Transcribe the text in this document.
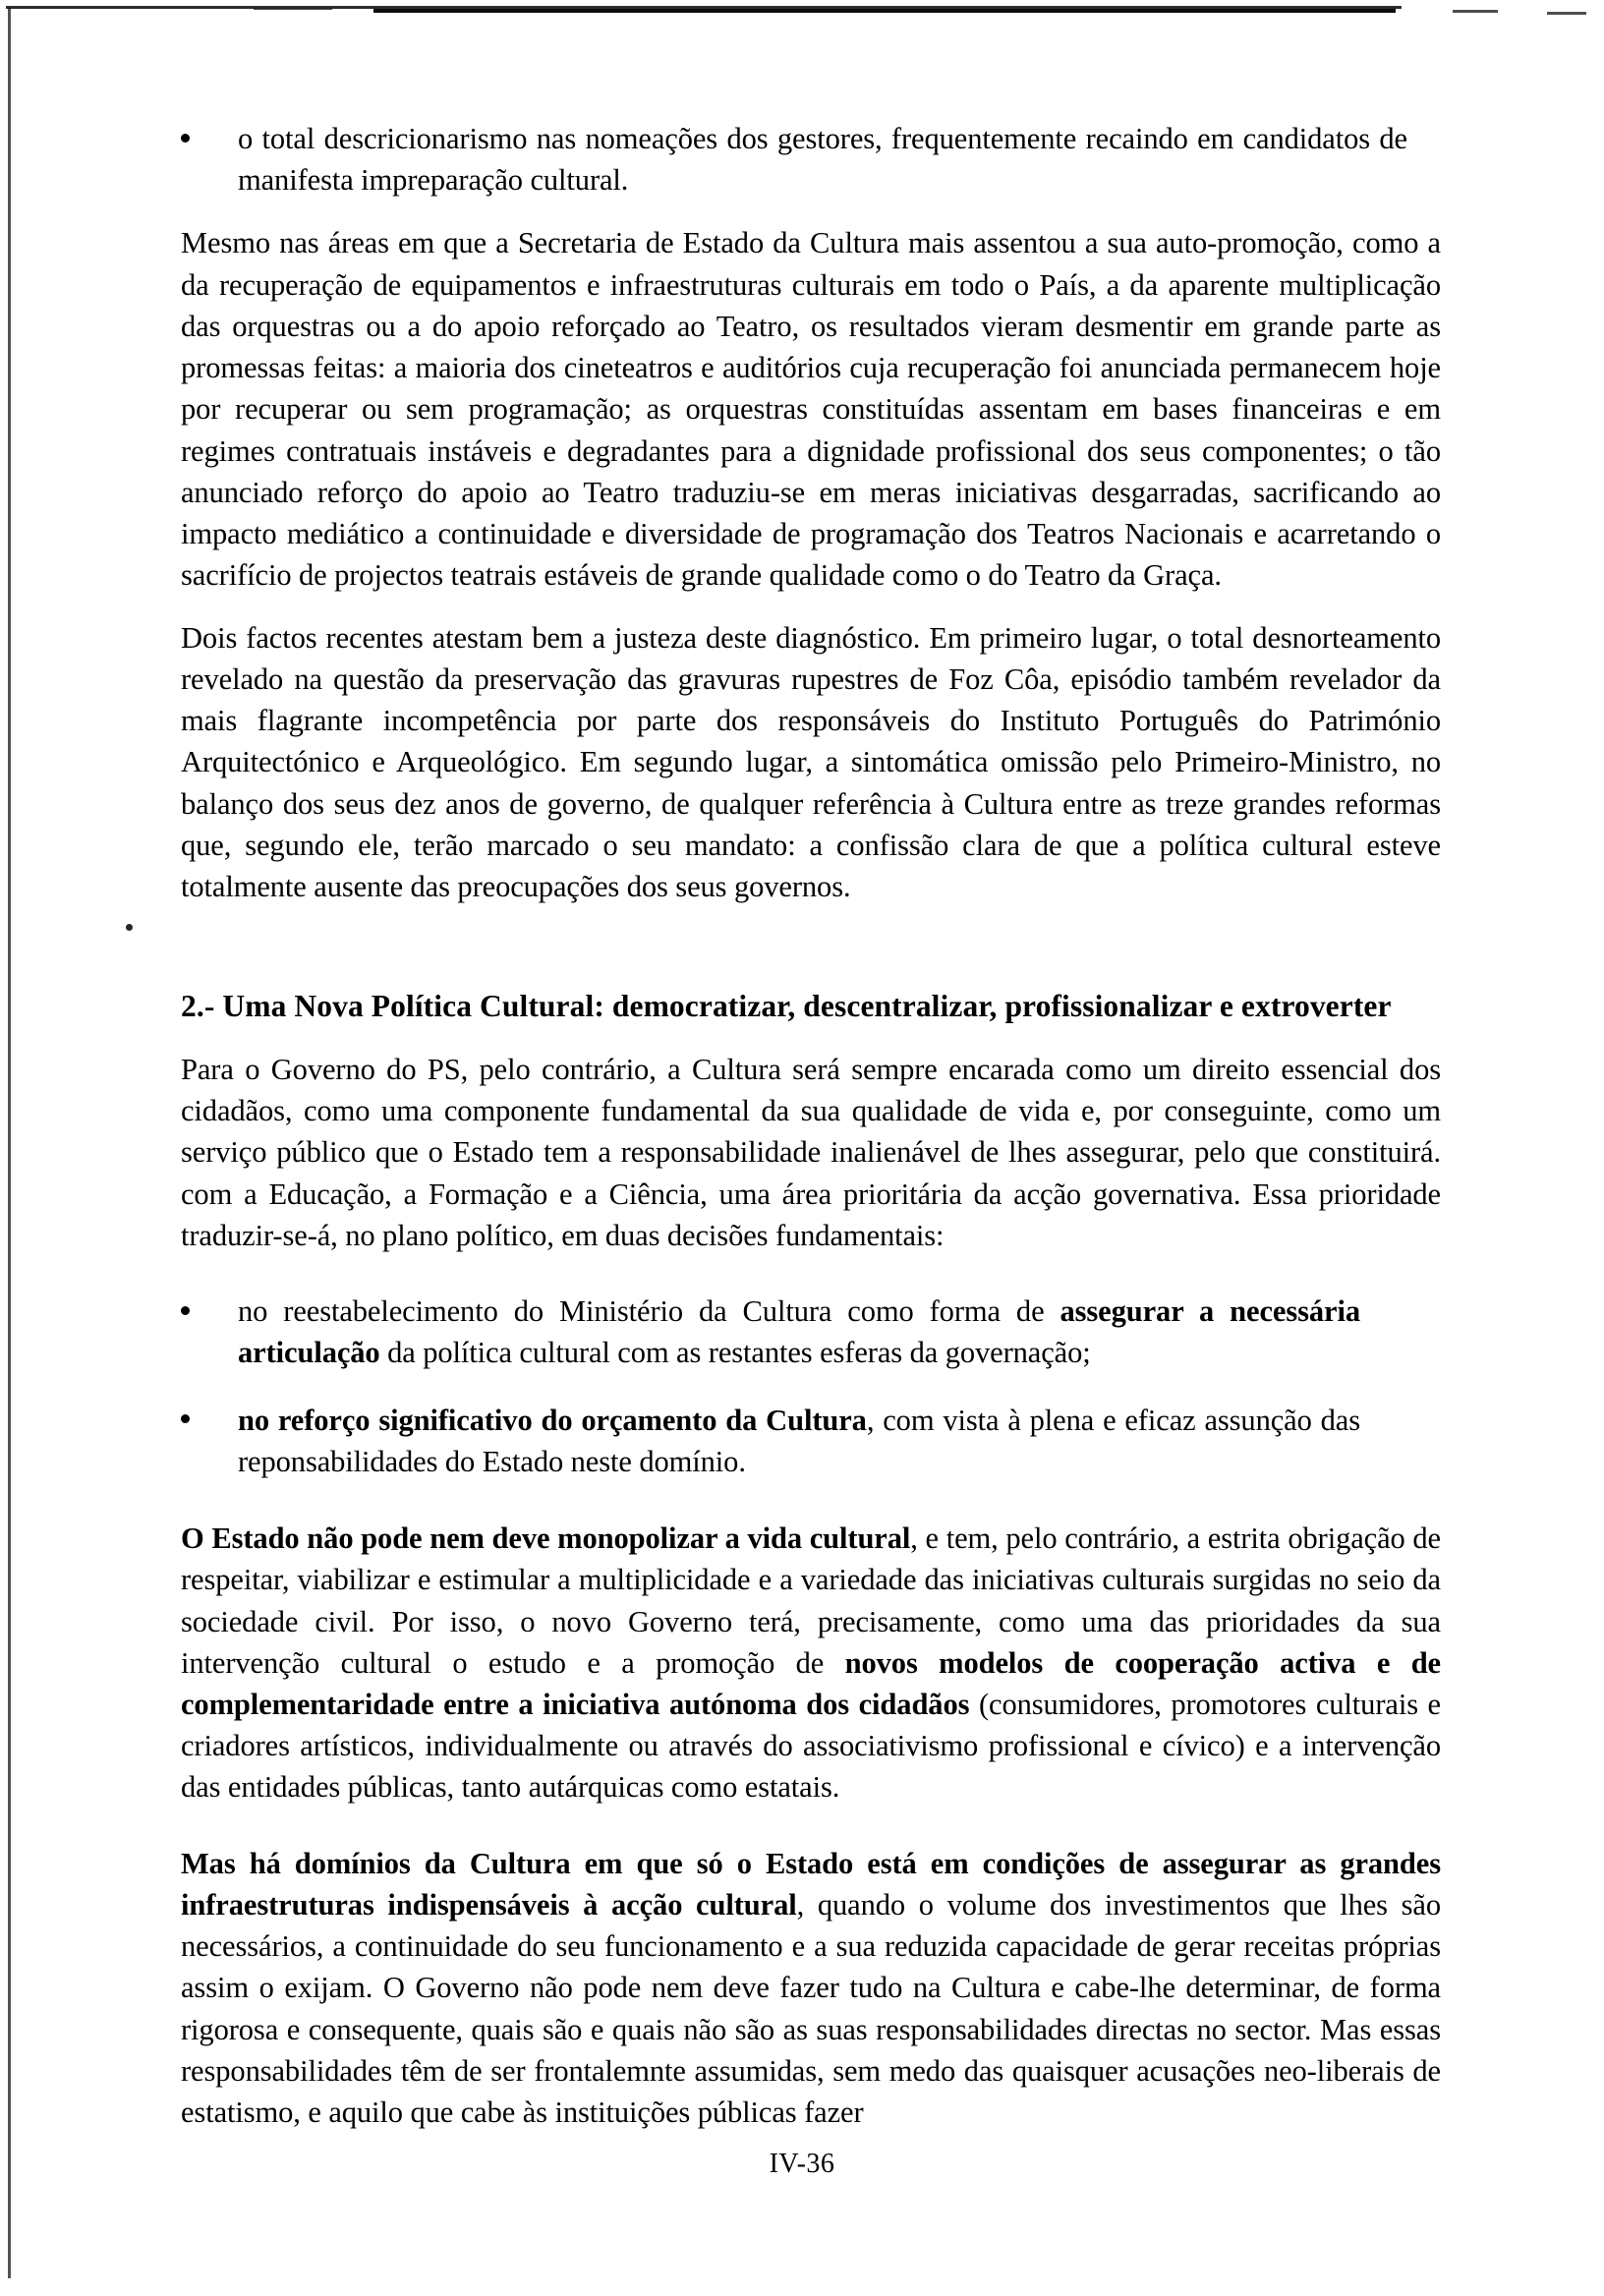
o total descricionarismo nas nomeações dos gestores, frequentemente recaindo em candidatos de manifesta impreparação cultural.

Mesmo nas áreas em que a Secretaria de Estado da Cultura mais assentou a sua auto-promoção, como a da recuperação de equipamentos e infraestruturas culturais em todo o País, a da aparente multiplicação das orquestras ou a do apoio reforçado ao Teatro, os resultados vieram desmentir em grande parte as promessas feitas: a maioria dos cineteatros e auditórios cuja recuperação foi anunciada permanecem hoje por recuperar ou sem programação; as orquestras constituídas assentam em bases financeiras e em regimes contratuais instáveis e degradantes para a dignidade profissional dos seus componentes; o tão anunciado reforço do apoio ao Teatro traduziu-se em meras iniciativas desgarradas, sacrificando ao impacto mediático a continuidade e diversidade de programação dos Teatros Nacionais e acarretando o sacrifício de projectos teatrais estáveis de grande qualidade como o do Teatro da Graça.

Dois factos recentes atestam bem a justeza deste diagnóstico. Em primeiro lugar, o total desnorteamento revelado na questão da preservação das gravuras rupestres de Foz Côa, episódio também revelador da mais flagrante incompetência por parte dos responsáveis do Instituto Português do Património Arquitectónico e Arqueológico. Em segundo lugar, a sintomática omissão pelo Primeiro-Ministro, no balanço dos seus dez anos de governo, de qualquer referência à Cultura entre as treze grandes reformas que, segundo ele, terão marcado o seu mandato: a confissão clara de que a política cultural esteve totalmente ausente das preocupações dos seus governos.

2.- Uma Nova Política Cultural: democratizar, descentralizar, profissionalizar e extroverter

Para o Governo do PS, pelo contrário, a Cultura será sempre encarada como um direito essencial dos cidadãos, como uma componente fundamental da sua qualidade de vida e, por conseguinte, como um serviço público que o Estado tem a responsabilidade inalienável de lhes assegurar, pelo que constituirá. com a Educação, a Formação e a Ciência, uma área prioritária da acção governativa. Essa prioridade traduzir-se-á, no plano político, em duas decisões fundamentais:

no reestabelecimento do Ministério da Cultura como forma de assegurar a necessária articulação da política cultural com as restantes esferas da governação;
no reforço significativo do orçamento da Cultura, com vista à plena e eficaz assunção das reponsabilidades do Estado neste domínio.

O Estado não pode nem deve monopolizar a vida cultural, e tem, pelo contrário, a estrita obrigação de respeitar, viabilizar e estimular a multiplicidade e a variedade das iniciativas culturais surgidas no seio da sociedade civil. Por isso, o novo Governo terá, precisamente, como uma das prioridades da sua intervenção cultural o estudo e a promoção de novos modelos de cooperação activa e de complementaridade entre a iniciativa autónoma dos cidadãos (consumidores, promotores culturais e criadores artísticos, individualmente ou através do associativismo profissional e cívico) e a intervenção das entidades públicas, tanto autárquicas como estatais.

Mas há domínios da Cultura em que só o Estado está em condições de assegurar as grandes infraestruturas indispensáveis à acção cultural, quando o volume dos investimentos que lhes são necessários, a continuidade do seu funcionamento e a sua reduzida capacidade de gerar receitas próprias assim o exijam. O Governo não pode nem deve fazer tudo na Cultura e cabe-lhe determinar, de forma rigorosa e consequente, quais são e quais não são as suas responsabilidades directas no sector. Mas essas responsabilidades têm de ser frontalemnte assumidas, sem medo das quaisquer acusações neo-liberais de estatismo, e aquilo que cabe às instituições públicas fazer

IV-36
